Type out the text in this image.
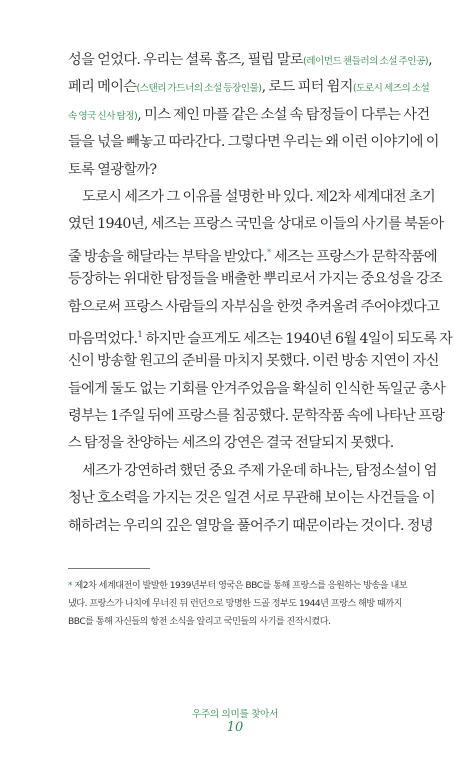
성을 얻었다. 우리는 셜록 홈즈, 필립 말로(레이먼드 챈들러의 소설 주인공),
페리 메이슨(스탠리 가드너의 소설 등장인물), 로드 피터 윔지(도로시 세즈의 소설
속 영국 신사 탐정), 미스 제인 마플 같은 소설 속 탐정들이 다루는 사건
들을 넋을 빼놓고 따라간다. 그렇다면 우리는 왜 이런 이야기에 이
토록 열광할까?
도로시 세즈가 그 이유를 설명한 바 있다. 제2차 세계대전 초기
였던 1940년, 세즈는 프랑스 국민을 상대로 이들의 사기를 북돋아
줄 방송을 해달라는 부탁을 받았다.* 세즈는 프랑스가 문학작품에
등장하는 위대한 탐정들을 배출한 뿌리로서 가지는 중요성을 강조
함으로써 프랑스 사람들의 자부심을 한껏 추켜올려 주어야겠다고
마음먹었다.$^1$ 하지만 슬프게도 세즈는 1940년 6월 4일이 되도록 자
신이 방송할 원고의 준비를 마치지 못했다. 이런 방송 지연이 자신
들에게 둘도 없는 기회를 안겨주었음을 확실히 인식한 독일군 총사
령부는 1주일 뒤에 프랑스를 침공했다. 문학작품 속에 나타난 프랑
스 탐정을 찬양하는 세즈의 강연은 결국 전달되지 못했다.
세즈가 강연하려 했던 중요 주제 가운데 하나는, 탐정소설이 엄
청난 호소력을 가지는 것은 일견 서로 무관해 보이는 사건들을 이
해하려는 우리의 깊은 열망을 풀어주기 때문이라는 것이다. 정녕
* 제2차 세계대전이 발발한 1939년부터 영국은 BBC를 통해 프랑스를 응원하는 방송을 내보
냈다. 프랑스가 나치에 무너진 뒤 런던으로 망명한 드골 정부도 1944년 프랑스 해방 때까지
BBC를 통해 자신들의 항전 소식을 알리고 국민들의 사기를 진작시켰다.
우주의 의미를 찾아서
10
